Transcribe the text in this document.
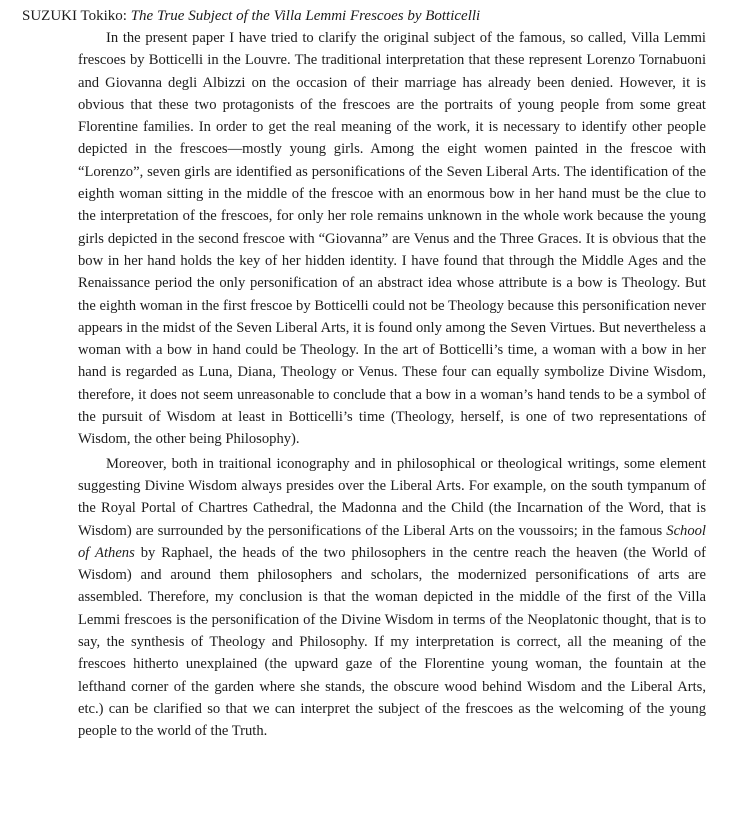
SUZUKI Tokiko: The True Subject of the Villa Lemmi Frescoes by Botticelli

In the present paper I have tried to clarify the original subject of the famous, so called, Villa Lemmi frescoes by Botticelli in the Louvre. The traditional interpretation that these represent Lorenzo Tornabuoni and Giovanna degli Albizzi on the occasion of their marriage has already been denied. However, it is obvious that these two protagonists of the frescoes are the portraits of young people from some great Florentine families. In order to get the real meaning of the work, it is necessary to identify other people depicted in the frescoes—mostly young girls. Among the eight women painted in the frescoe with “Lorenzo”, seven girls are identified as personifications of the Seven Liberal Arts. The identification of the eighth woman sitting in the middle of the frescoe with an enormous bow in her hand must be the clue to the interpretation of the frescoes, for only her role remains unknown in the whole work because the young girls depicted in the second frescoe with “Giovanna” are Venus and the Three Graces. It is obvious that the bow in her hand holds the key of her hidden identity. I have found that through the Middle Ages and the Renaissance period the only personification of an abstract idea whose attribute is a bow is Theology. But the eighth woman in the first frescoe by Botticelli could not be Theology because this personification never appears in the midst of the Seven Liberal Arts, it is found only among the Seven Virtues. But nevertheless a woman with a bow in hand could be Theology. In the art of Botticelli’s time, a woman with a bow in her hand is regarded as Luna, Diana, Theology or Venus. These four can equally symbolize Divine Wisdom, therefore, it does not seem unreasonable to conclude that a bow in a woman’s hand tends to be a symbol of the pursuit of Wisdom at least in Botticelli’s time (Theology, herself, is one of two representations of Wisdom, the other being Philosophy).

Moreover, both in traitional iconography and in philosophical or theological writings, some element suggesting Divine Wisdom always presides over the Liberal Arts. For example, on the south tympanum of the Royal Portal of Chartres Cathedral, the Madonna and the Child (the Incarnation of the Word, that is Wisdom) are surrounded by the personifications of the Liberal Arts on the voussoirs; in the famous School of Athens by Raphael, the heads of the two philosophers in the centre reach the heaven (the World of Wisdom) and around them philosophers and scholars, the modernized personifications of arts are assembled. Therefore, my conclusion is that the woman depicted in the middle of the first of the Villa Lemmi frescoes is the personification of the Divine Wisdom in terms of the Neoplatonic thought, that is to say, the synthesis of Theology and Philosophy. If my interpretation is correct, all the meaning of the frescoes hitherto unexplained (the upward gaze of the Florentine young woman, the fountain at the lefthand corner of the garden where she stands, the obscure wood behind Wisdom and the Liberal Arts, etc.) can be clarified so that we can interpret the subject of the frescoes as the welcoming of the young people to the world of the Truth.
